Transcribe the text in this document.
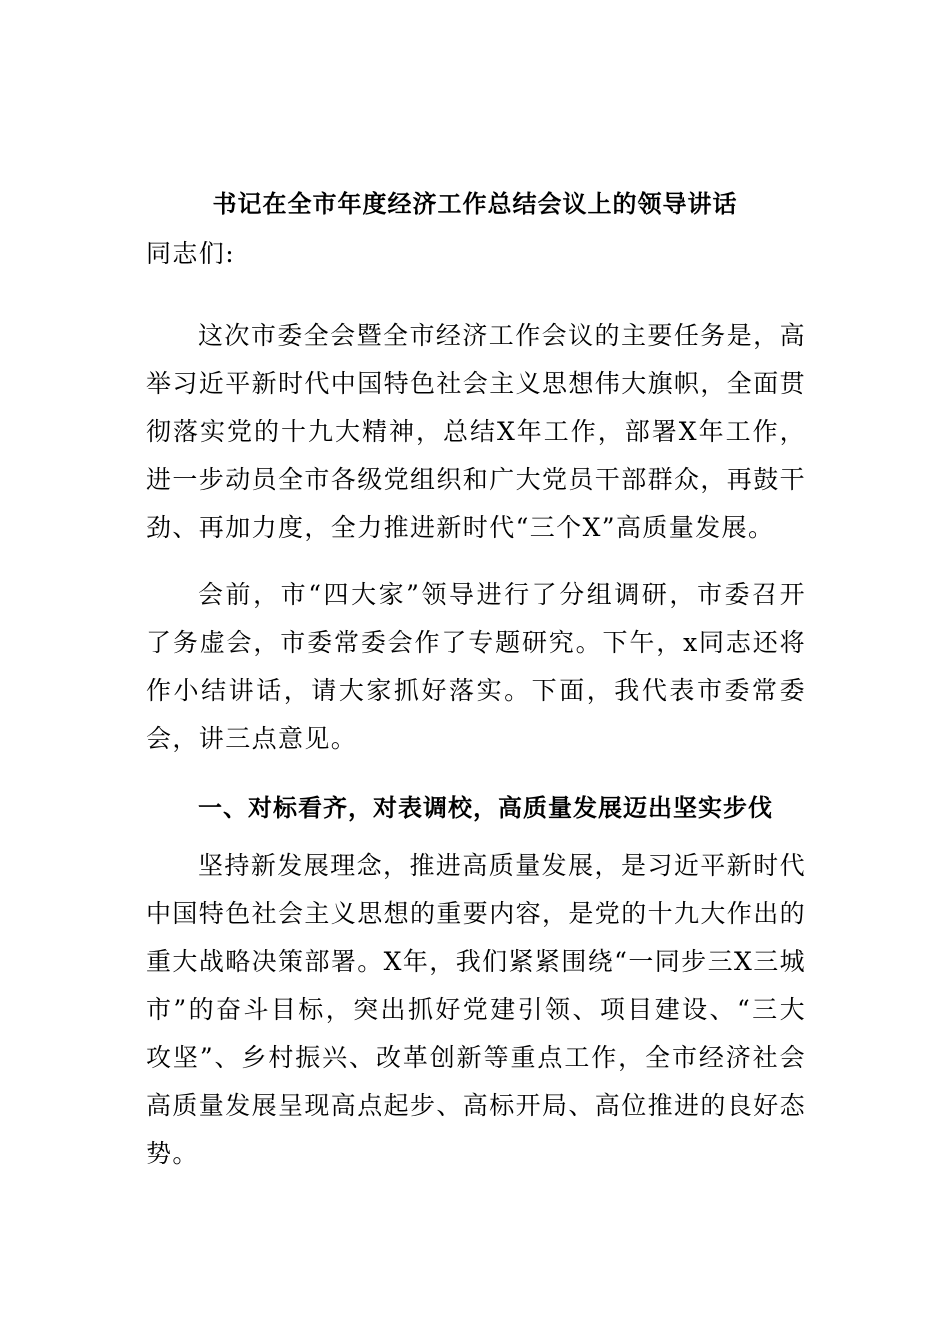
书记在全市年度经济工作总结会议上的领导讲话

同志们:

这次市委全会暨全市经济工作会议的主要任务是，高举习近平新时代中国特色社会主义思想伟大旗帜，全面贯彻落实党的十九大精神，总结X年工作，部署X年工作，进一步动员全市各级党组织和广大党员干部群众，再鼓干劲、再加力度，全力推进新时代“三个X”高质量发展。

会前，市“四大家”领导进行了分组调研，市委召开了务虚会，市委常委会作了专题研究。下午，x同志还将作小结讲话，请大家抓好落实。下面，我代表市委常委会，讲三点意见。

一、对标看齐，对表调校，高质量发展迈出坚实步伐

坚持新发展理念，推进高质量发展，是习近平新时代中国特色社会主义思想的重要内容，是党的十九大作出的重大战略决策部署。X年，我们紧紧围绕“一同步三X三城市”的奋斗目标，突出抓好党建引领、项目建设、“三大攻坚”、乡村振兴、改革创新等重点工作，全市经济社会高质量发展呈现高点起步、高标开局、高位推进的良好态势。
